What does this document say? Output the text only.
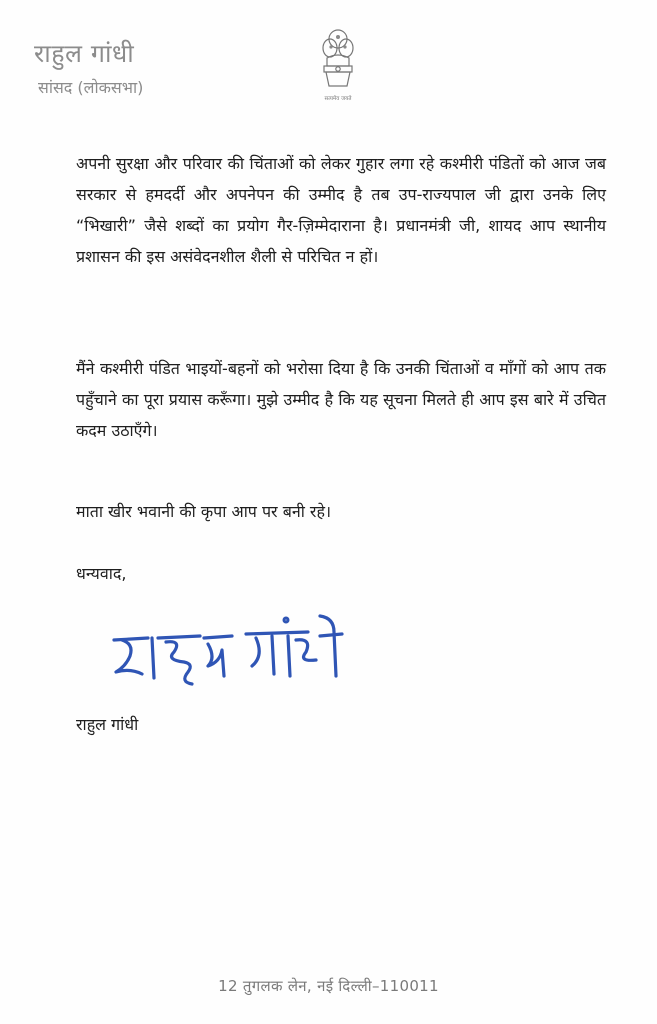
राहुल गांधी
सांसद (लोकसभा)
सत्यमेव जयते
अपनी सुरक्षा और परिवार की चिंताओं को लेकर गुहार लगा रहे कश्मीरी पंडितों को आज जब सरकार से हमदर्दी और अपनेपन की उम्मीद है तब उप-राज्यपाल जी द्वारा उनके लिए “भिखारी” जैसे शब्दों का प्रयोग गैर-ज़िम्मेदाराना है। प्रधानमंत्री जी, शायद आप स्थानीय प्रशासन की इस असंवेदनशील शैली से परिचित न हों।
मैंने कश्मीरी पंडित भाइयों-बहनों को भरोसा दिया है कि उनकी चिंताओं व माँगों को आप तक पहुँचाने का पूरा प्रयास करूँगा। मुझे उम्मीद है कि यह सूचना मिलते ही आप इस बारे में उचित कदम उठाएँगे।
माता खीर भवानी की कृपा आप पर बनी रहे।
धन्यवाद,
राहुल गांधी
12 तुगलक लेन, नई दिल्ली–110011
